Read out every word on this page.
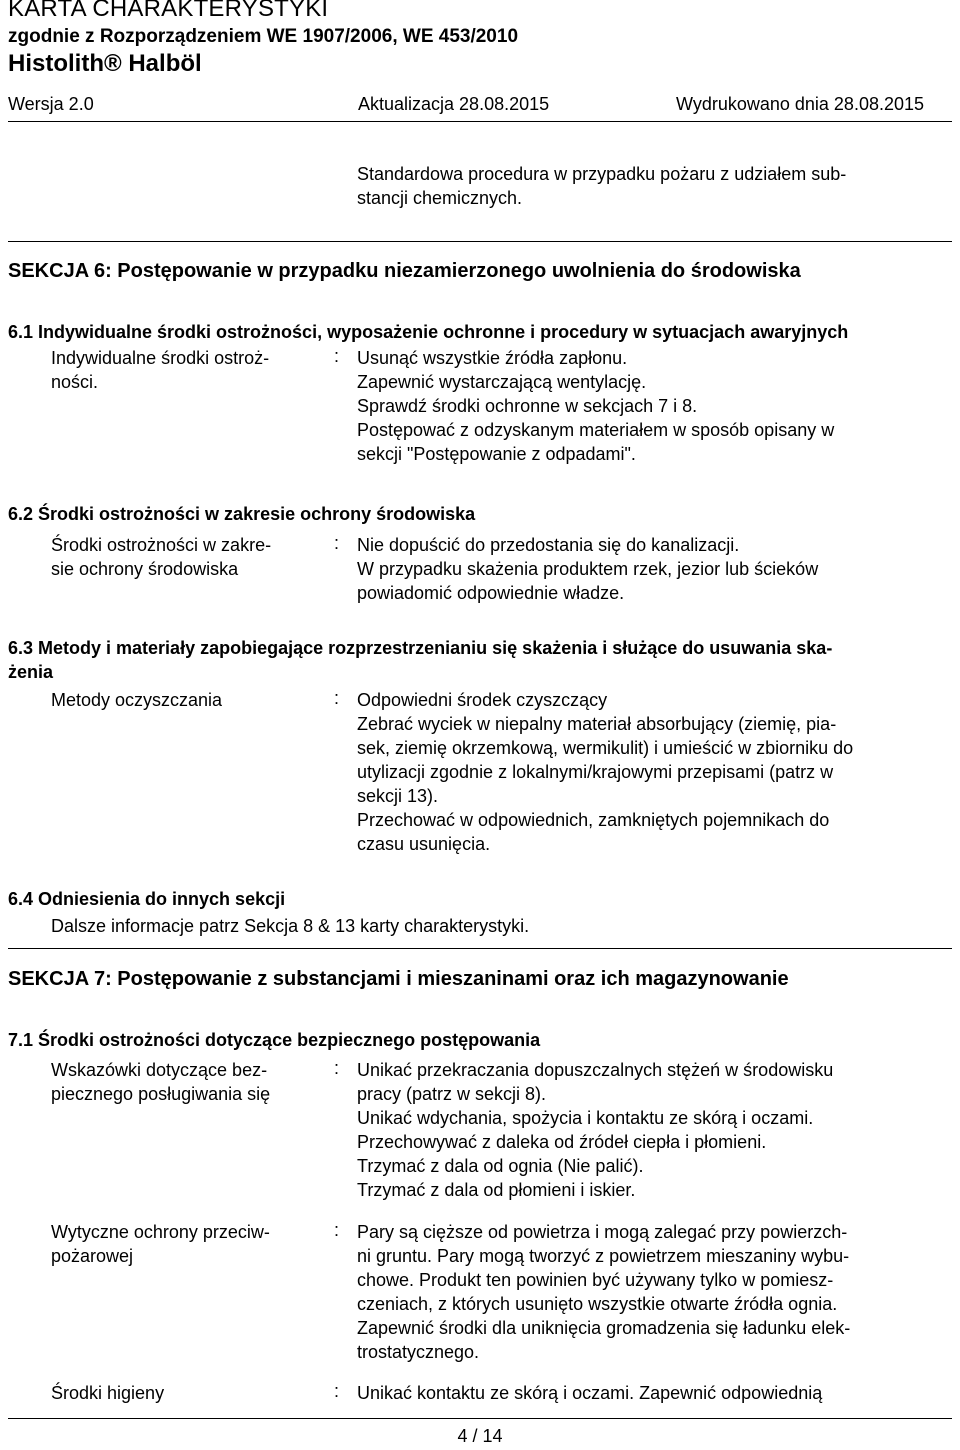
KARTA CHARAKTERYSTYKI
zgodnie z Rozporządzeniem WE 1907/2006, WE 453/2010
Histolith® Halböl
Wersja 2.0	Aktualizacja 28.08.2015	Wydrukowano dnia 28.08.2015
Standardowa procedura w przypadku pożaru z udziałem sub-
stancji chemicznych.
SEKCJA 6: Postępowanie w przypadku niezamierzonego uwolnienia do środowiska
6.1 Indywidualne środki ostrożności, wyposażenie ochronne i procedury w sytuacjach awaryjnych
Indywidualne środki ostroż-
ności.
: Usunąć wszystkie źródła zapłonu.
Zapewnić wystarczającą wentylację.
Sprawdź środki ochronne w sekcjach 7 i 8.
Postępować z odzyskanym materiałem w sposób opisany w
sekcji "Postępowanie z odpadami".
6.2 Środki ostrożności w zakresie ochrony środowiska
Środki ostrożności w zakre-
sie ochrony środowiska
: Nie dopuścić do przedostania się do kanalizacji.
W przypadku skażenia produktem rzek, jezior lub ścieków
powiadomić odpowiednie władze.
6.3 Metody i materiały zapobiegające rozprzestrzenianiu się skażenia i służące do usuwania ska-
żenia
Metody oczyszczania	: Odpowiedni środek czyszczący
Zebrać wyciek w niepalny materiał absorbujący (ziemię, pia-
sek, ziemię okrzemkową, wermikulit) i umieścić w zbiorniku do
utylizacji zgodnie z lokalnymi/krajowymi przepisami (patrz w
sekcji 13).
Przechować w odpowiednich, zamkniętych pojemnikach do
czasu usunięcia.
6.4 Odniesienia do innych sekcji
Dalsze informacje patrz Sekcja 8 & 13 karty charakterystyki.
SEKCJA 7: Postępowanie z substancjami i mieszaninami oraz ich magazynowanie
7.1 Środki ostrożności dotyczące bezpiecznego postępowania
Wskazówki dotyczące bez-
piecznego posługiwania się
: Unikać przekraczania dopuszczalnych stężeń w środowisku
pracy (patrz w sekcji 8).
Unikać wdychania, spożycia i kontaktu ze skórą i oczami.
Przechowywać z daleka od źródeł ciepła i płomieni.
Trzymać z dala od ognia (Nie palić).
Trzymać z dala od płomieni i iskier.
Wytyczne ochrony przeciw-
pożarowej
: Pary są cięższe od powietrza i mogą zalegać przy powierzch-
ni gruntu. Pary mogą tworzyć z powietrzem mieszaniny wybu-
chowe. Produkt ten powinien być używany tylko w pomiesz-
czeniach, z których usunięto wszystkie otwarte źródła ognia.
Zapewnić środki dla uniknięcia gromadzenia się ładunku elek-
trostatycznego.
Środki higieny	: Unikać kontaktu ze skórą i oczami. Zapewnić odpowiednią
4 / 14
